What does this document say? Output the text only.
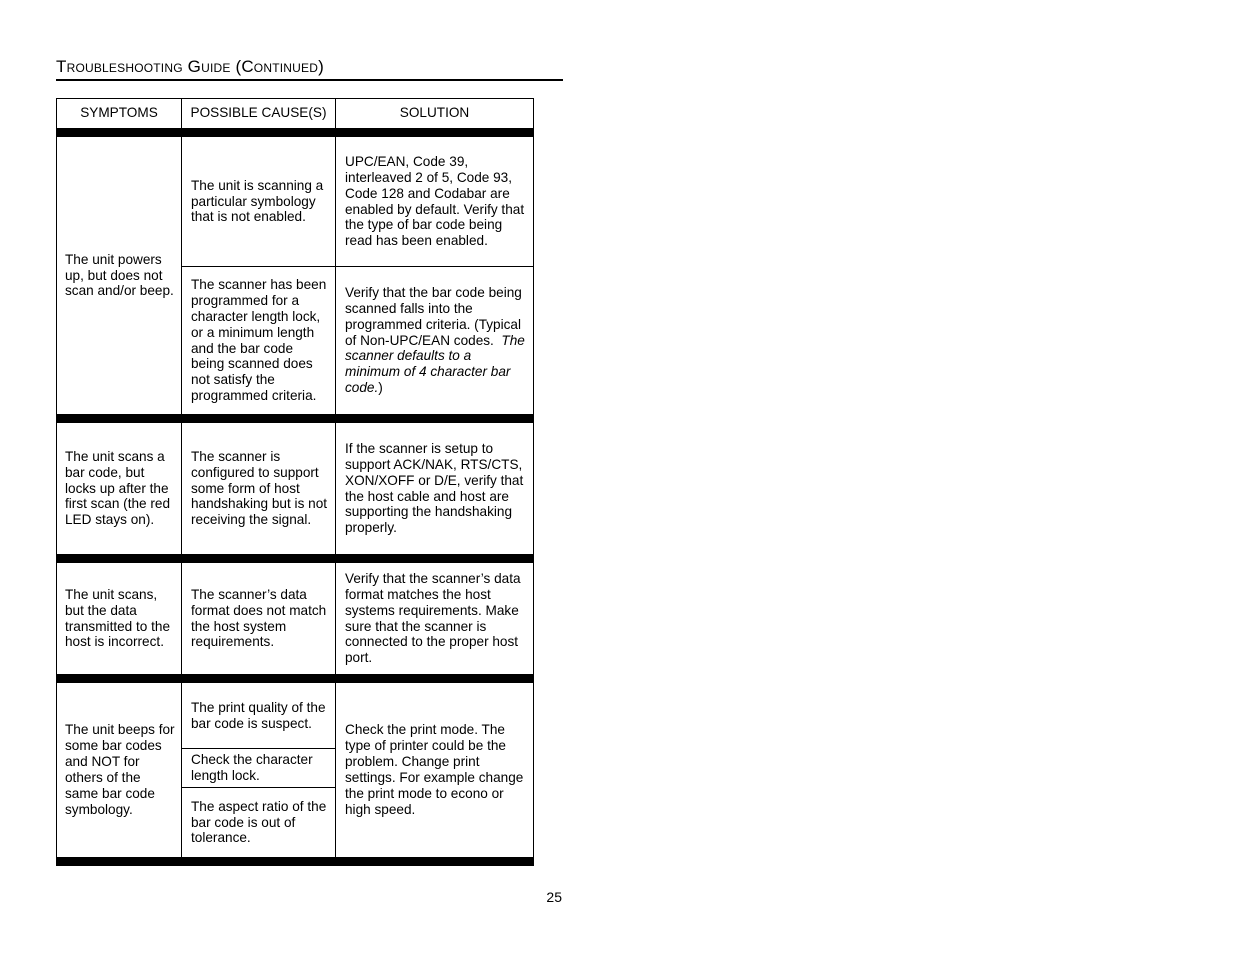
Troubleshooting Guide (Continued)
SYMPTOMS	POSSIBLE CAUSE(S)	SOLUTION
The unit powers up, but does not scan and/or beep.
The unit is scanning a particular symbology that is not enabled.
UPC/EAN, Code 39, interleaved 2 of 5, Code 93, Code 128 and Codabar are enabled by default. Verify that the type of bar code being read has been enabled.
The scanner has been programmed for a character length lock, or a minimum length and the bar code being scanned does not satisfy the programmed criteria.
Verify that the bar code being scanned falls into the programmed criteria. (Typical of Non-UPC/EAN codes. The scanner defaults to a minimum of 4 character bar code.)
The unit scans a bar code, but locks up after the first scan (the red LED stays on).
The scanner is configured to support some form of host handshaking but is not receiving the signal.
If the scanner is setup to support ACK/NAK, RTS/CTS, XON/XOFF or D/E, verify that the host cable and host are supporting the handshaking properly.
The unit scans, but the data transmitted to the host is incorrect.
The scanner’s data format does not match the host system requirements.
Verify that the scanner’s data format matches the host systems requirements. Make sure that the scanner is connected to the proper host port.
The unit beeps for some bar codes and NOT for others of the same bar code symbology.
The print quality of the bar code is suspect.
Check the character length lock.
The aspect ratio of the bar code is out of tolerance.
Check the print mode. The type of printer could be the problem. Change print settings. For example change the print mode to econo or high speed.
25
